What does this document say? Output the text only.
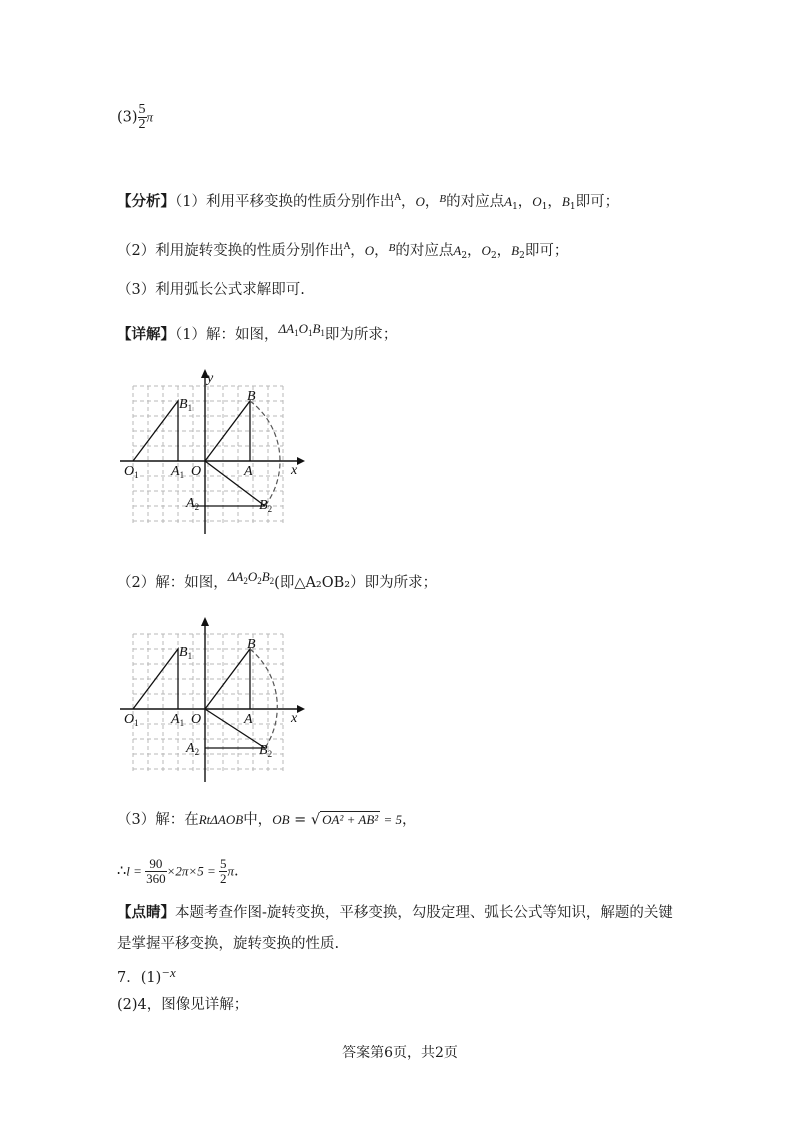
$(3) \frac{5}{2}$ π
【分析】（1）利用平移变换的性质分别作出$^A$，O，$^B$的对应点$A_1$，$O_1$，$B_1$即可；
（2）利用旋转变换的性质分别作出$^A$，O，$^B$的对应点$A_2$，$O_2$，$B_2$即可；
（3）利用弧长公式求解即可.
【详解】（1）解：如图，$\Delta A_1O_1B_1$即为所求；
y
x
$B_1$
B
$O_1$ $A_1$ O	A
$A_2$	$B_2$
（2）解：如图，$\Delta A_2O_2B_2$(即△A₂OB₂）即为所求；
$B_1$
B
$O_1$ $A_1$ O	A	x
$A_2$	$B_2$
（3）解：在RtΔAOB中，OB = √ OA² + AB² = 5，
∴l = $\frac{90}{360} \times 2\pi\times 5 = \frac{5}{2} \pi$.
【点睛】本题考查作图-旋转变换，平移变换，勾股定理、弧长公式等知识，解题的关键
是掌握平移变换，旋转变换的性质.
7．(1)−x
(2)4，图像见详解；
答案第6页，共2页
